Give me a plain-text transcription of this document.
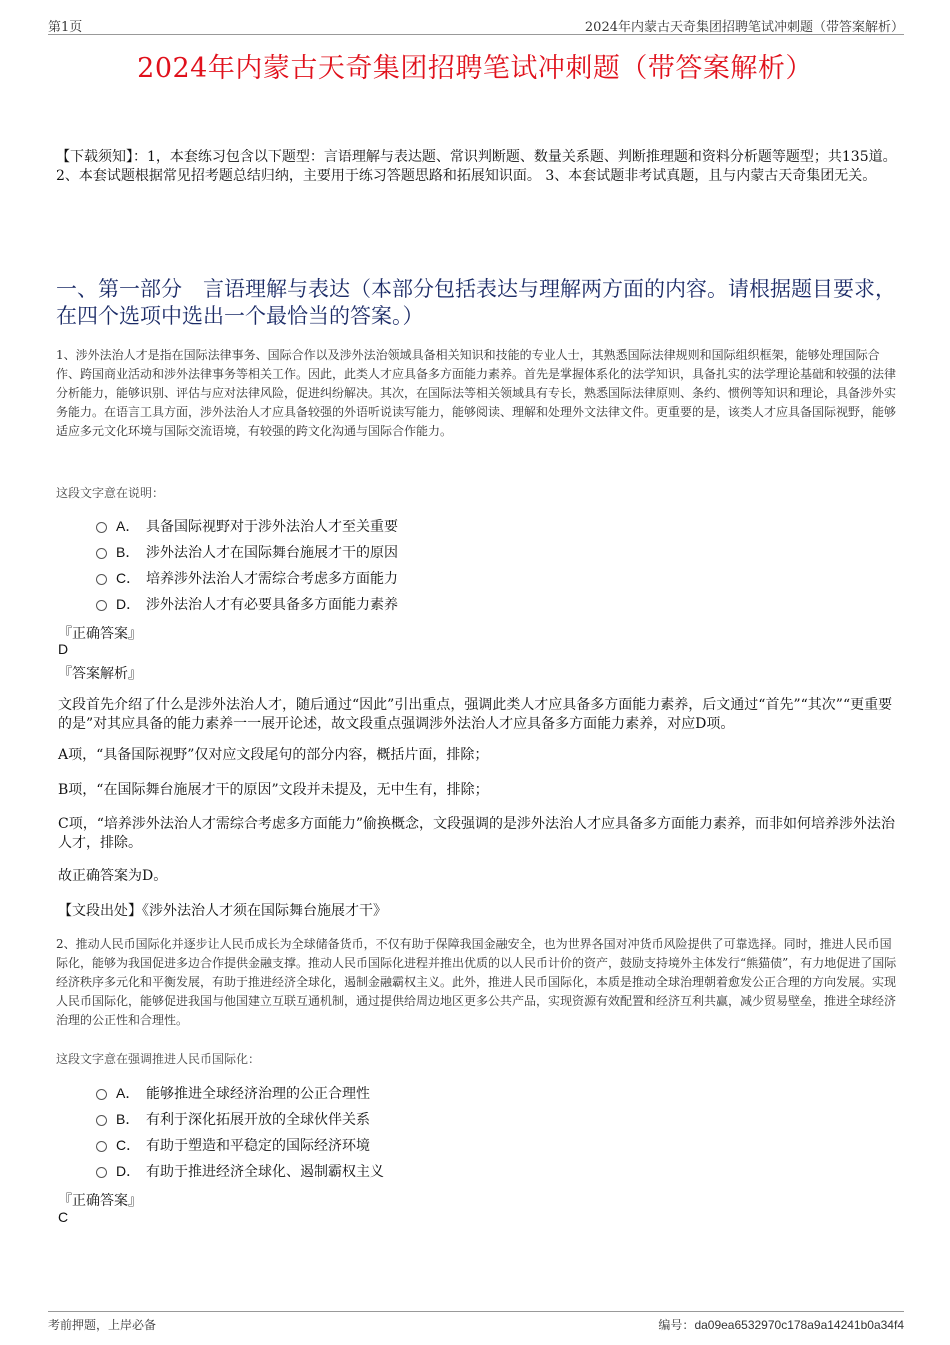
第1页	2024年内蒙古天奇集团招聘笔试冲刺题（带答案解析）
2024年内蒙古天奇集团招聘笔试冲刺题（带答案解析）
【下载须知】：1，本套练习包含以下题型：言语理解与表达题、常识判断题、数量关系题、判断推理题和资料分析题等题型；共135道。 2、本套试题根据常见招考题总结归纳，主要用于练习答题思路和拓展知识面。 3、本套试题非考试真题，且与内蒙古天奇集团无关。
一、第一部分　言语理解与表达（本部分包括表达与理解两方面的内容。请根据题目要求，在四个选项中选出一个最恰当的答案。）
1、涉外法治人才是指在国际法律事务、国际合作以及涉外法治领域具备相关知识和技能的专业人士，其熟悉国际法律规则和国际组织框架，能够处理国际合作、跨国商业活动和涉外法律事务等相关工作。因此，此类人才应具备多方面能力素养。首先是掌握体系化的法学知识，具备扎实的法学理论基础和较强的法律分析能力，能够识别、评估与应对法律风险，促进纠纷解决。其次，在国际法等相关领域具有专长，熟悉国际法律原则、条约、惯例等知识和理论，具备涉外实务能力。在语言工具方面，涉外法治人才应具备较强的外语听说读写能力，能够阅读、理解和处理外文法律文件。更重要的是，该类人才应具备国际视野，能够适应多元文化环境与国际交流语境，有较强的跨文化沟通与国际合作能力。
这段文字意在说明：
A． 具备国际视野对于涉外法治人才至关重要
B． 涉外法治人才在国际舞台施展才干的原因
C． 培养涉外法治人才需综合考虑多方面能力
D． 涉外法治人才有必要具备多方面能力素养
『正确答案』
D
『答案解析』
文段首先介绍了什么是涉外法治人才，随后通过“因此”引出重点，强调此类人才应具备多方面能力素养，后文通过“首先”“其次”“更重要的是”对其应具备的能力素养一一展开论述，故文段重点强调涉外法治人才应具备多方面能力素养，对应D项。
A项，“具备国际视野”仅对应文段尾句的部分内容，概括片面，排除；
B项，“在国际舞台施展才干的原因”文段并未提及，无中生有，排除；
C项，“培养涉外法治人才需综合考虑多方面能力”偷换概念，文段强调的是涉外法治人才应具备多方面能力素养，而非如何培养涉外法治人才，排除。
故正确答案为D。
【文段出处】《涉外法治人才须在国际舞台施展才干》
2、推动人民币国际化并逐步让人民币成长为全球储备货币，不仅有助于保障我国金融安全，也为世界各国对冲货币风险提供了可靠选择。同时，推进人民币国际化，能够为我国促进多边合作提供金融支撑。推动人民币国际化进程并推出优质的以人民币计价的资产，鼓励支持境外主体发行“熊猫债”，有力地促进了国际经济秩序多元化和平衡发展，有助于推进经济全球化，遏制金融霸权主义。此外，推进人民币国际化，本质是推动全球治理朝着愈发公正合理的方向发展。实现人民币国际化，能够促进我国与他国建立互联互通机制，通过提供给周边地区更多公共产品，实现资源有效配置和经济互利共赢，减少贸易壁垒，推进全球经济治理的公正性和合理性。
这段文字意在强调推进人民币国际化：
A． 能够推进全球经济治理的公正合理性
B． 有利于深化拓展开放的全球伙伴关系
C． 有助于塑造和平稳定的国际经济环境
D． 有助于推进经济全球化、遏制霸权主义
『正确答案』
C
考前押题，上岸必备	编号：da09ea6532970c178a9a14241b0a34f4
